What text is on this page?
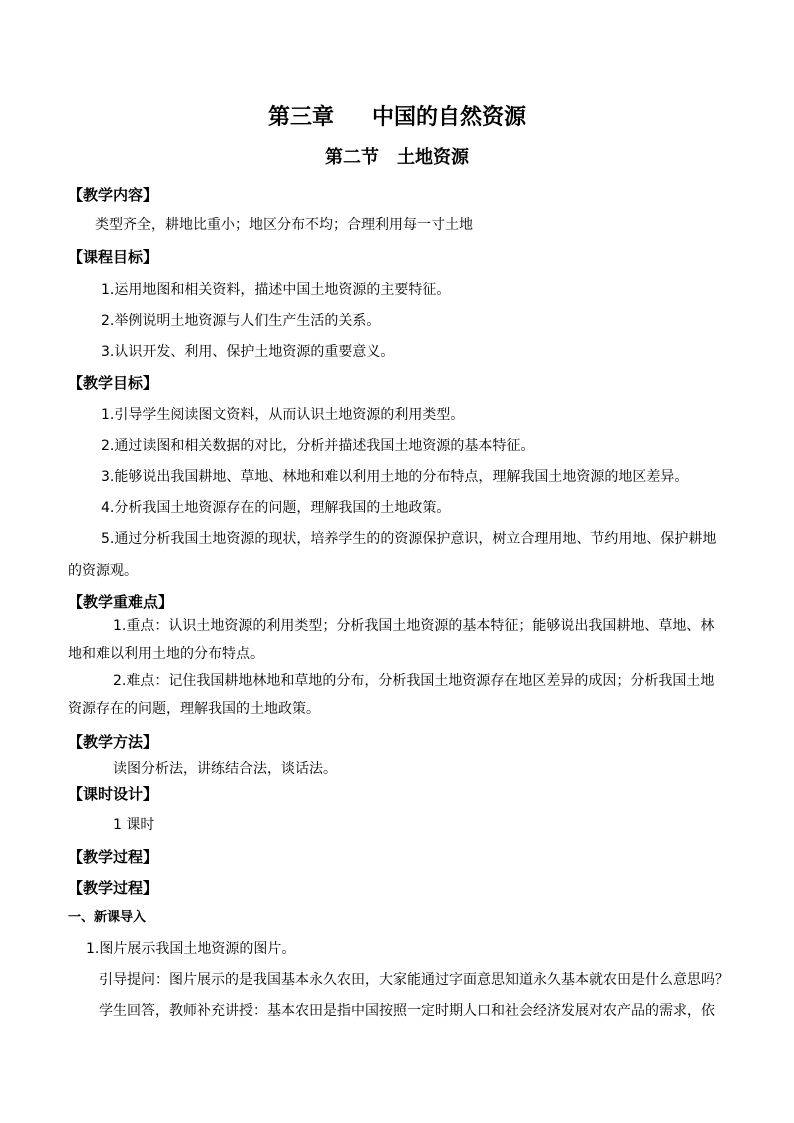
第三章 中国的自然资源
第二节 土地资源
【教学内容】
类型齐全，耕地比重小；地区分布不均；合理利用每一寸土地
【课程目标】
1.运用地图和相关资料，描述中国土地资源的主要特征。
2.举例说明土地资源与人们生产生活的关系。
3.认识开发、利用、保护土地资源的重要意义。
【教学目标】
1.引导学生阅读图文资料，从而认识土地资源的利用类型。
2.通过读图和相关数据的对比，分析并描述我国土地资源的基本特征。
3.能够说出我国耕地、草地、林地和难以利用土地的分布特点，理解我国土地资源的地区差异。
4.分析我国土地资源存在的问题，理解我国的土地政策。
5.通过分析我国土地资源的现状，培养学生的的资源保护意识，树立合理用地、节约用地、保护耕地
的资源观。
【教学重难点】
1.重点：认识土地资源的利用类型；分析我国土地资源的基本特征；能够说出我国耕地、草地、林
地和难以利用土地的分布特点。
2.难点：记住我国耕地林地和草地的分布，分析我国土地资源存在地区差异的成因；分析我国土地
资源存在的问题，理解我国的土地政策。
【教学方法】
读图分析法，讲练结合法，谈话法。
【课时设计】
1 课时
【教学过程】
【教学过程】
一、新课导入
1.图片展示我国土地资源的图片。
引导提问：图片展示的是我国基本永久农田，大家能通过字面意思知道永久基本就农田是什么意思吗？
学生回答，教师补充讲授：基本农田是指中国按照一定时期人口和社会经济发展对农产品的需求，依
